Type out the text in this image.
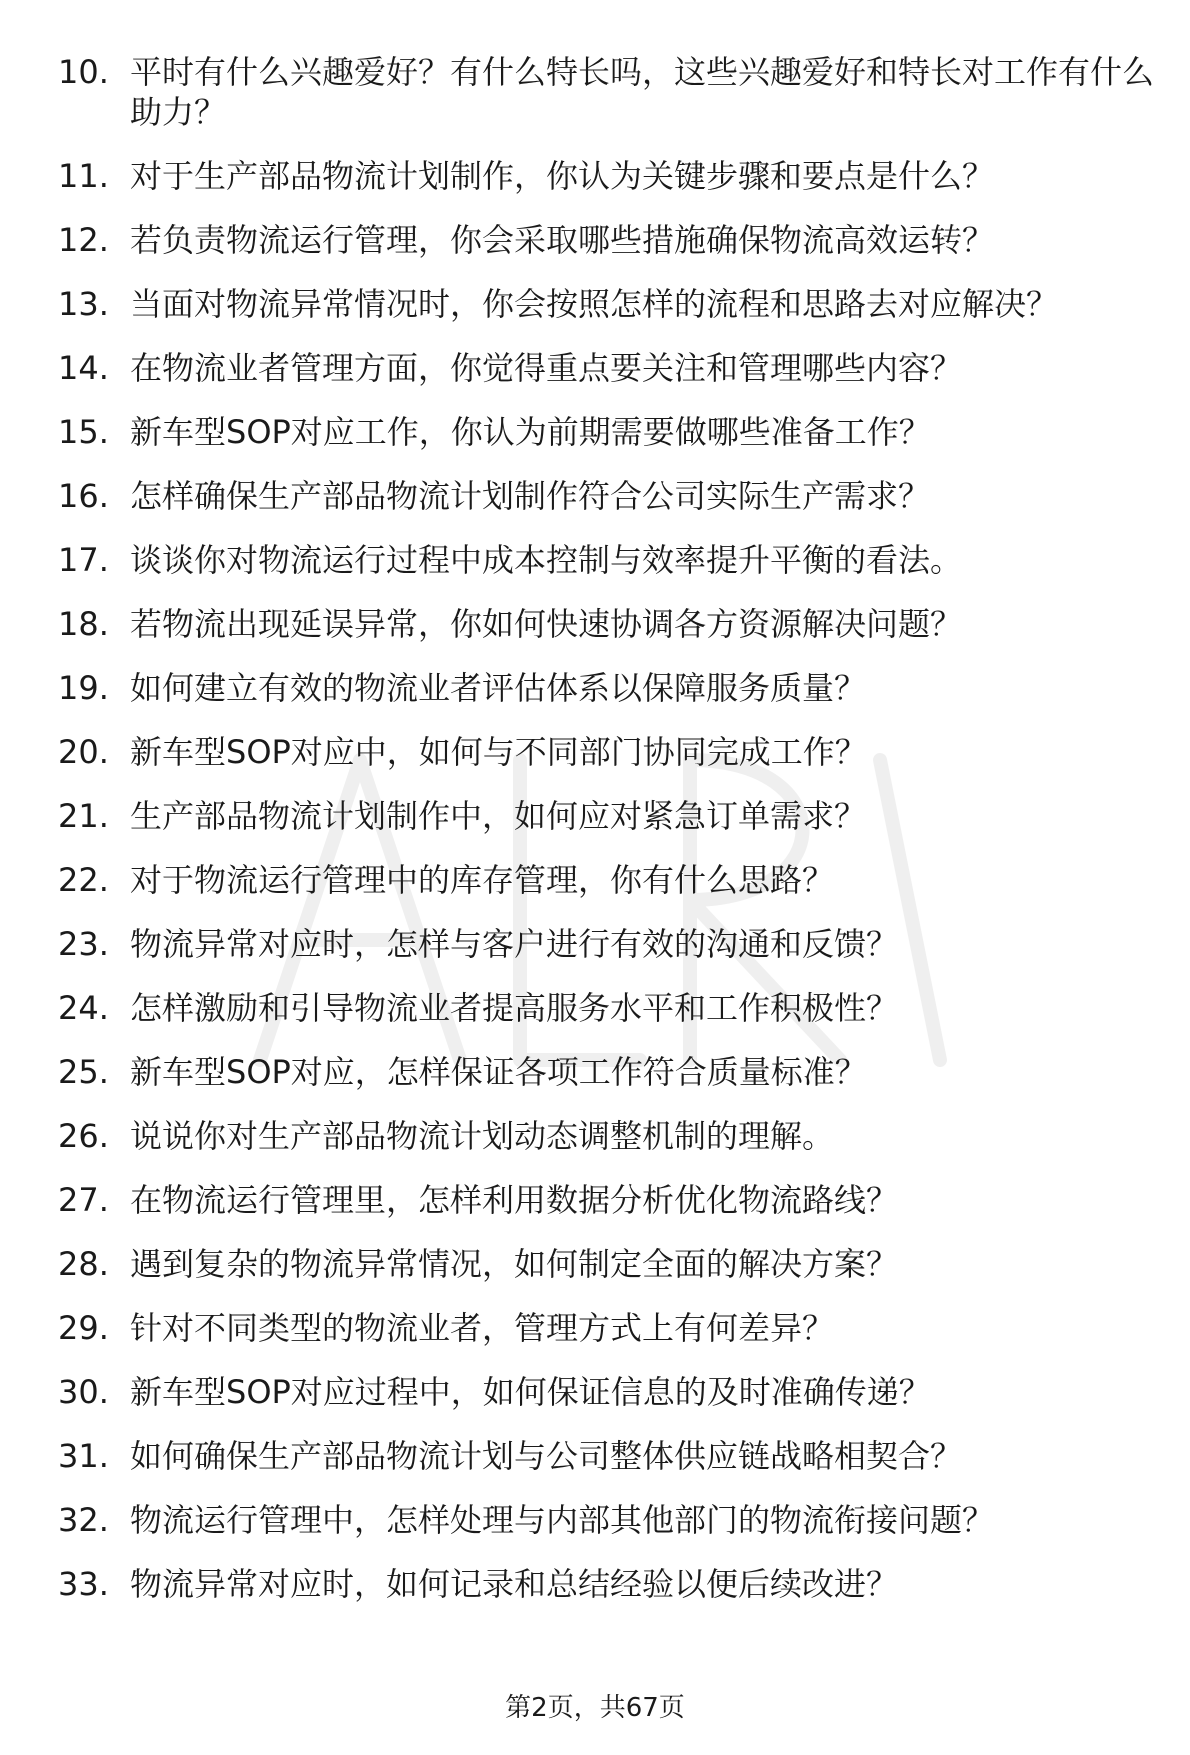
10. 平时有什么兴趣爱好？有什么特长吗，这些兴趣爱好和特长对工作有什么助力？
11. 对于生产部品物流计划制作，你认为关键步骤和要点是什么？
12. 若负责物流运行管理，你会采取哪些措施确保物流高效运转？
13. 当面对物流异常情况时，你会按照怎样的流程和思路去对应解决？
14. 在物流业者管理方面，你觉得重点要关注和管理哪些内容？
15. 新车型SOP对应工作，你认为前期需要做哪些准备工作？
16. 怎样确保生产部品物流计划制作符合公司实际生产需求？
17. 谈谈你对物流运行过程中成本控制与效率提升平衡的看法。
18. 若物流出现延误异常，你如何快速协调各方资源解决问题？
19. 如何建立有效的物流业者评估体系以保障服务质量？
20. 新车型SOP对应中，如何与不同部门协同完成工作？
21. 生产部品物流计划制作中，如何应对紧急订单需求？
22. 对于物流运行管理中的库存管理，你有什么思路？
23. 物流异常对应时，怎样与客户进行有效的沟通和反馈？
24. 怎样激励和引导物流业者提高服务水平和工作积极性？
25. 新车型SOP对应，怎样保证各项工作符合质量标准？
26. 说说你对生产部品物流计划动态调整机制的理解。
27. 在物流运行管理里，怎样利用数据分析优化物流路线？
28. 遇到复杂的物流异常情况，如何制定全面的解决方案？
29. 针对不同类型的物流业者，管理方式上有何差异？
30. 新车型SOP对应过程中，如何保证信息的及时准确传递？
31. 如何确保生产部品物流计划与公司整体供应链战略相契合？
32. 物流运行管理中，怎样处理与内部其他部门的物流衔接问题？
33. 物流异常对应时，如何记录和总结经验以便后续改进？
第2页，共67页
